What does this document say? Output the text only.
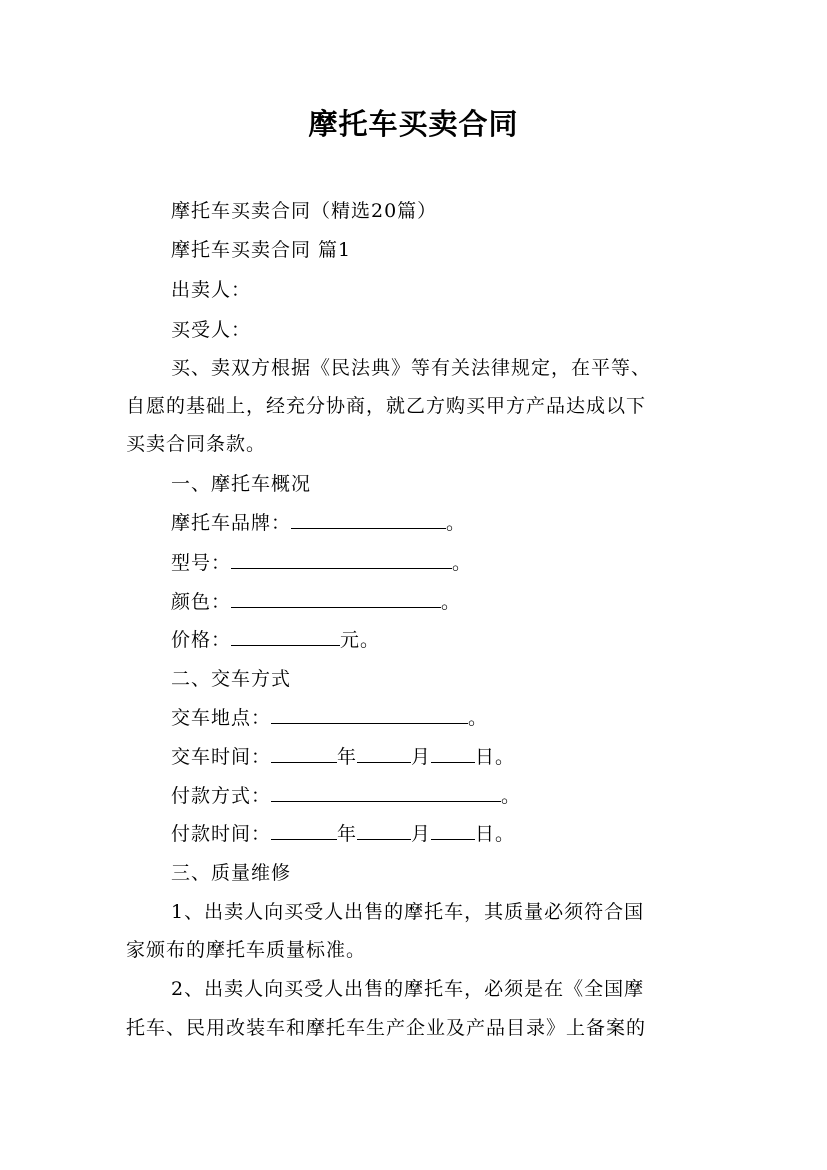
摩托车买卖合同
摩托车买卖合同（精选20篇）
摩托车买卖合同 篇1
出卖人：
买受人：
买、卖双方根据《民法典》等有关法律规定，在平等、
自愿的基础上，经充分协商，就乙方购买甲方产品达成以下
买卖合同条款。
一、摩托车概况
摩托车品牌：	。
型号：	。
颜色：	。
价格：	元。
二、交车方式
交车地点：	。
交车时间：	年	月 日。
付款方式：	。
付款时间：	年	月 日。
三、质量维修
1、出卖人向买受人出售的摩托车，其质量必须符合国
家颁布的摩托车质量标准。
2、出卖人向买受人出售的摩托车，必须是在《全国摩
托车、民用改装车和摩托车生产企业及产品目录》上备案的
